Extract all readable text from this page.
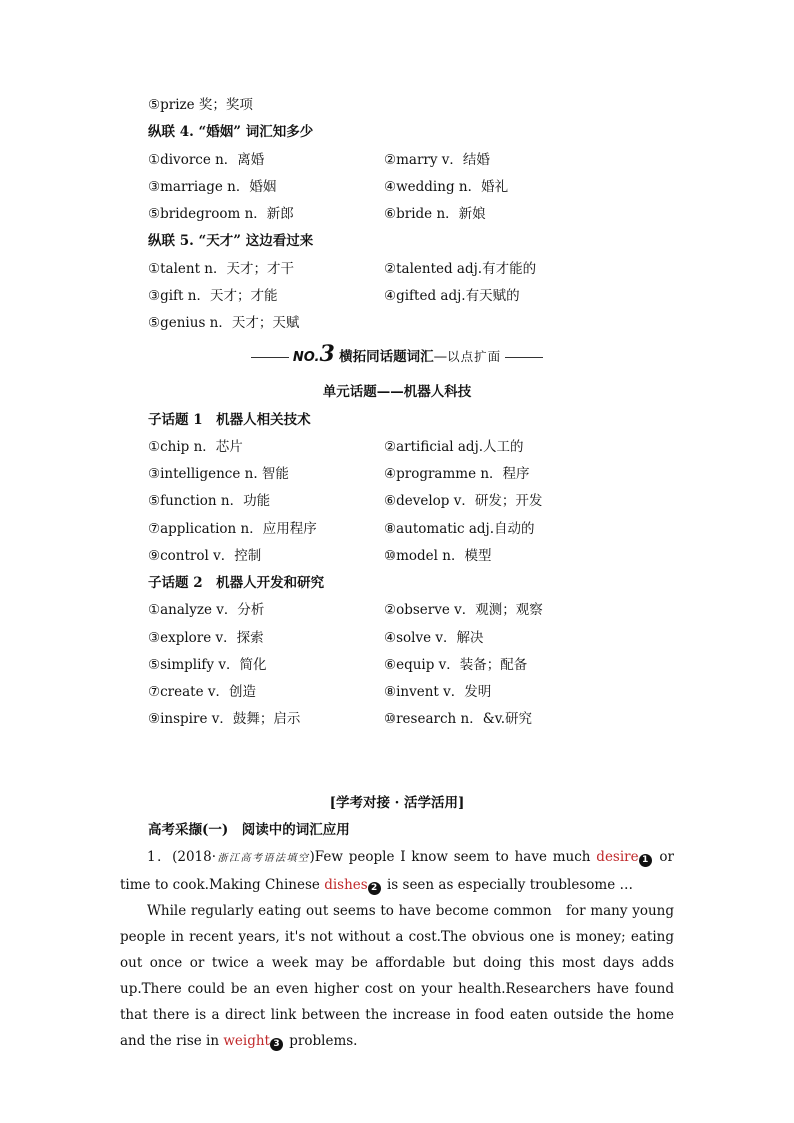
⑤prize 奖；奖项
纵联 4. “婚姻” 词汇知多少
①divorce n．离婚	②marry v．结婚
③marriage n．婚姻	④wedding n．婚礼
⑤bridegroom n．新郎	⑥bride n．新娘
纵联 5. “天才” 这边看过来
①talent n．天才；才干	②talented adj.有才能的
③gift n．天才；才能	④gifted adj.有天赋的
⑤genius n．天才；天赋
NO.3 横拓同话题词汇—以点扩面
单元话题——机器人科技
子话题 1　机器人相关技术
①chip n．芯片	②artificial adj.人工的
③intelligence n. 智能	④programme n．程序
⑤function n．功能	⑥develop v．研发；开发
⑦application n．应用程序	⑧automatic adj.自动的
⑨control v．控制	⑩model n．模型
子话题 2　机器人开发和研究
①analyze v．分析	②observe v．观测；观察
③explore v．探索	④solve v．解决
⑤simplify v．简化	⑥equip v．装备；配备
⑦create v．创造	⑧invent v．发明
⑨inspire v．鼓舞；启示	⑩research n．&v.研究
[学考对接 · 活学活用]
高考采撷(一)　阅读中的词汇应用
1．(2018·浙江高考语法填空)Few people I know seem to have much desire 1 or time to cook.Making Chinese dishes 2 is seen as especially troublesome …
While regularly eating out seems to have become common　for many young people in recent years, it's not without a cost.The obvious one is money; eating out once or twice a week may be affordable but doing this most days adds up.There could be an even higher cost on your health.Researchers have found that there is a direct link between the increase in food eaten outside the home and the rise in weight 3 problems.
